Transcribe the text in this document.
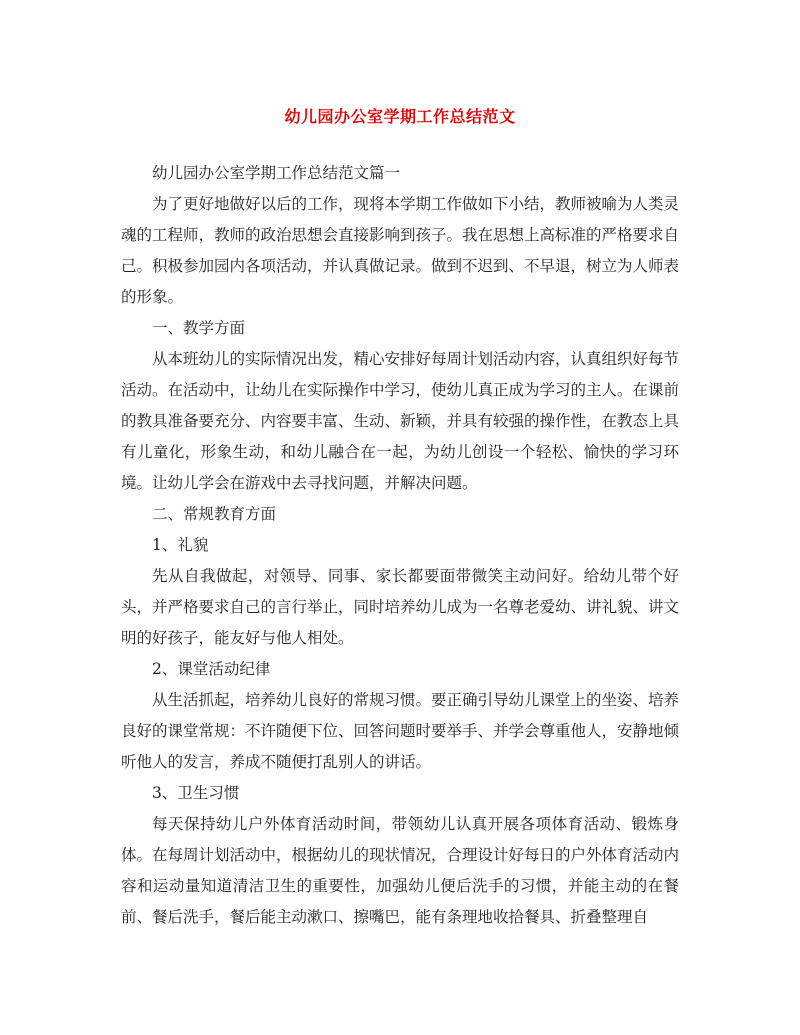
幼儿园办公室学期工作总结范文

幼儿园办公室学期工作总结范文篇一

为了更好地做好以后的工作，现将本学期工作做如下小结，教师被喻为人类灵魂的工程师，教师的政治思想会直接影响到孩子。我在思想上高标准的严格要求自己。积极参加园内各项活动，并认真做记录。做到不迟到、不早退，树立为人师表的形象。

一、教学方面

从本班幼儿的实际情况出发，精心安排好每周计划活动内容，认真组织好每节活动。在活动中，让幼儿在实际操作中学习，使幼儿真正成为学习的主人。在课前的教具准备要充分、内容要丰富、生动、新颖，并具有较强的操作性，在教态上具有儿童化，形象生动，和幼儿融合在一起，为幼儿创设一个轻松、愉快的学习环境。让幼儿学会在游戏中去寻找问题，并解决问题。

二、常规教育方面

1、礼貌

先从自我做起，对领导、同事、家长都要面带微笑主动问好。给幼儿带个好头，并严格要求自己的言行举止，同时培养幼儿成为一名尊老爱幼、讲礼貌、讲文明的好孩子，能友好与他人相处。

2、课堂活动纪律

从生活抓起，培养幼儿良好的常规习惯。要正确引导幼儿课堂上的坐姿、培养良好的课堂常规：不许随便下位、回答问题时要举手、并学会尊重他人，安静地倾听他人的发言，养成不随便打乱别人的讲话。

3、卫生习惯

每天保持幼儿户外体育活动时间，带领幼儿认真开展各项体育活动、锻炼身体。在每周计划活动中，根据幼儿的现状情况，合理设计好每日的户外体育活动内容和运动量知道清洁卫生的重要性，加强幼儿便后洗手的习惯，并能主动的在餐前、餐后洗手，餐后能主动漱口、擦嘴巴，能有条理地收拾餐具、折叠整理自
